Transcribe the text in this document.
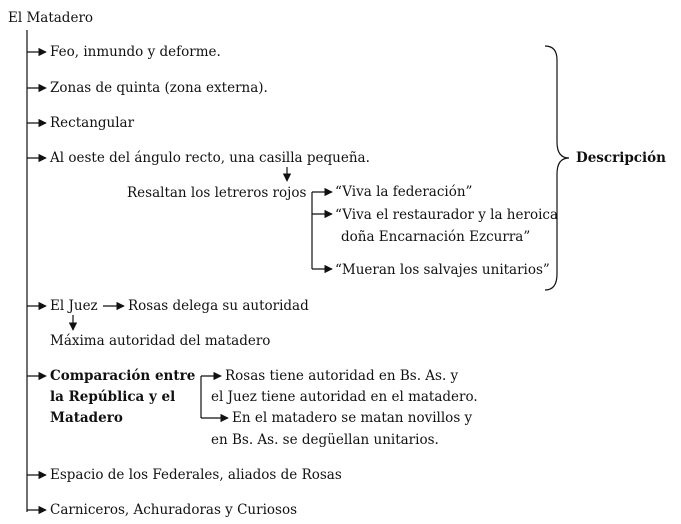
El Matadero
Feo, inmundo y deforme.
Zonas de quinta (zona externa).
Rectangular
Al oeste del ángulo recto, una casilla pequeña.
Resaltan los letreros rojos “Viva la federación”
“Viva el restaurador y la heroica
doña Encarnación Ezcurra”
“Mueran los salvajes unitarios”
Descripción
El Juez Rosas delega su autoridad
Máxima autoridad del matadero
Comparación entre
la República y el
Matadero
Rosas tiene autoridad en Bs. As. y
el Juez tiene autoridad en el matadero.
En el matadero se matan novillos y
en Bs. As. se degüellan unitarios.
Espacio de los Federales, aliados de Rosas
Carniceros, Achuradoras y Curiosos
